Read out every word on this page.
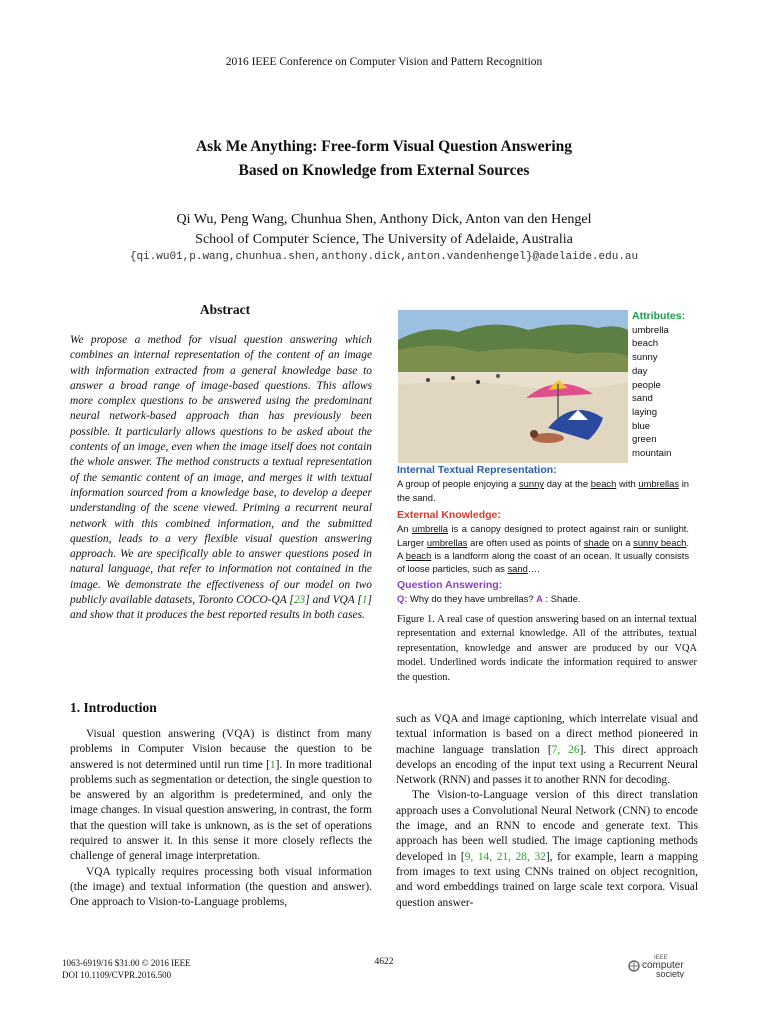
2016 IEEE Conference on Computer Vision and Pattern Recognition
Ask Me Anything: Free-form Visual Question Answering
Based on Knowledge from External Sources
Qi Wu, Peng Wang, Chunhua Shen, Anthony Dick, Anton van den Hengel
School of Computer Science, The University of Adelaide, Australia
{qi.wu01,p.wang,chunhua.shen,anthony.dick,anton.vandenhengel}@adelaide.edu.au
Abstract
We propose a method for visual question answering which combines an internal representation of the content of an image with information extracted from a general knowledge base to answer a broad range of image-based questions. This allows more complex questions to be answered using the predominant neural network-based approach than has previously been possible. It particularly allows questions to be asked about the contents of an image, even when the image itself does not contain the whole answer. The method constructs a textual representation of the semantic content of an image, and merges it with textual information sourced from a knowledge base, to develop a deeper understanding of the scene viewed. Priming a recurrent neural network with this combined information, and the submitted question, leads to a very flexible visual question answering approach. We are specifically able to answer questions posed in natural language, that refer to information not contained in the image. We demonstrate the effectiveness of our model on two publicly available datasets, Toronto COCO-QA [23] and VQA [1] and show that it produces the best reported results in both cases.
Attributes:
umbrella
beach
sunny
day
people
sand
laying
blue
green
mountain
Internal Textual Representation:
A group of people enjoying a sunny day at the beach with umbrellas in the sand.
External Knowledge:
An umbrella is a canopy designed to protect against rain or sunlight. Larger umbrellas are often used as points of shade on a sunny beach. A beach is a landform along the coast of an ocean. It usually consists of loose particles, such as sand….
Question Answering:
Q: Why do they have umbrellas? A : Shade.
Figure 1. A real case of question answering based on an internal textual representation and external knowledge. All of the attributes, textual representation, knowledge and answer are produced by our VQA model. Underlined words indicate the information required to answer the question.
1. Introduction

Visual question answering (VQA) is distinct from many problems in Computer Vision because the question to be answered is not determined until run time [1]. In more traditional problems such as segmentation or detection, the single question to be answered by an algorithm is predetermined, and only the image changes. In visual question answering, in contrast, the form that the question will take is unknown, as is the set of operations required to answer it. In this sense it more closely reflects the challenge of general image interpretation.

VQA typically requires processing both visual information (the image) and textual information (the question and answer). One approach to Vision-to-Language problems,

such as VQA and image captioning, which interrelate visual and textual information is based on a direct method pioneered in machine language translation [7, 26]. This direct approach develops an encoding of the input text using a Recurrent Neural Network (RNN) and passes it to another RNN for decoding.

The Vision-to-Language version of this direct translation approach uses a Convolutional Neural Network (CNN) to encode the image, and an RNN to encode and generate text. This approach has been well studied. The image captioning methods developed in [9, 14, 21, 28, 32], for example, learn a mapping from images to text using CNNs trained on object recognition, and word embeddings trained on large scale text corpora. Visual question answer-

1063-6919/16 $31.00 © 2016 IEEE
DOI 10.1109/CVPR.2016.500
4622	IEEE
computer
society
